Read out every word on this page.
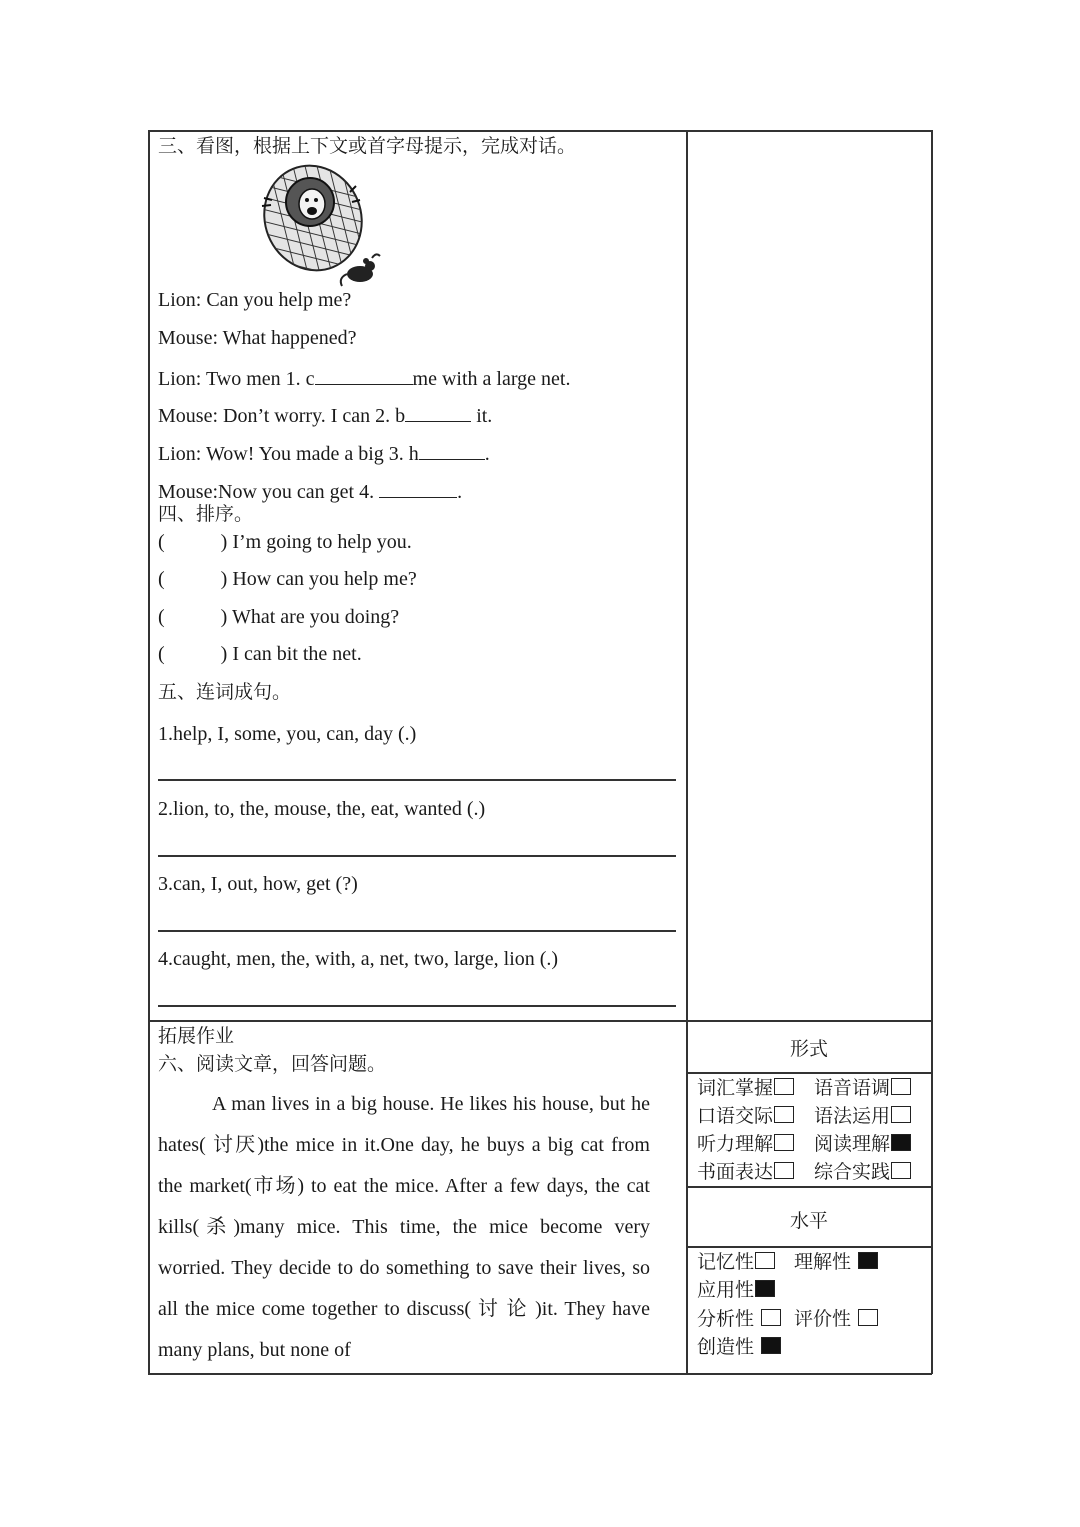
三、看图，根据上下文或首字母提示，完成对话。
Lion: Can you help me?
Mouse: What happened?
Lion: Two men 1. c	me with a large net.
Mouse: Don’t worry. I can 2. b	it.
Lion: Wow! You made a big 3. h	.
Mouse:Now you can get 4.	.
四、排序。
(	) I’m going to help you.
(	) How can you help me?
(	) What are you doing?
(	) I can bit the net.
五、连词成句。
1.help, I, some, you, can, day (.)
2.lion, to, the, mouse, the, eat, wanted (.)
3.can, I, out, how, get (?)
4.caught, men, the, with, a, net, two, large, lion (.)
拓展作业
六、阅读文章，回答问题。
A man lives in a big house. He likes his house, but he hates( 讨厌)the mice in it.One day, he buys a big cat from the market(市场) to eat the mice. After a few days, the cat kills(杀)many mice. This time, the mice become very worried. They decide to do something to save their lives, so all the mice come together to discuss( 讨 论 )it. They have many plans, but none of
形式
词汇掌握	语音语调
口语交际	语法运用
听力理解	阅读理解
书面表达	综合实践
水平
记忆性	理解性
应用性
分析性	评价性
创造性
